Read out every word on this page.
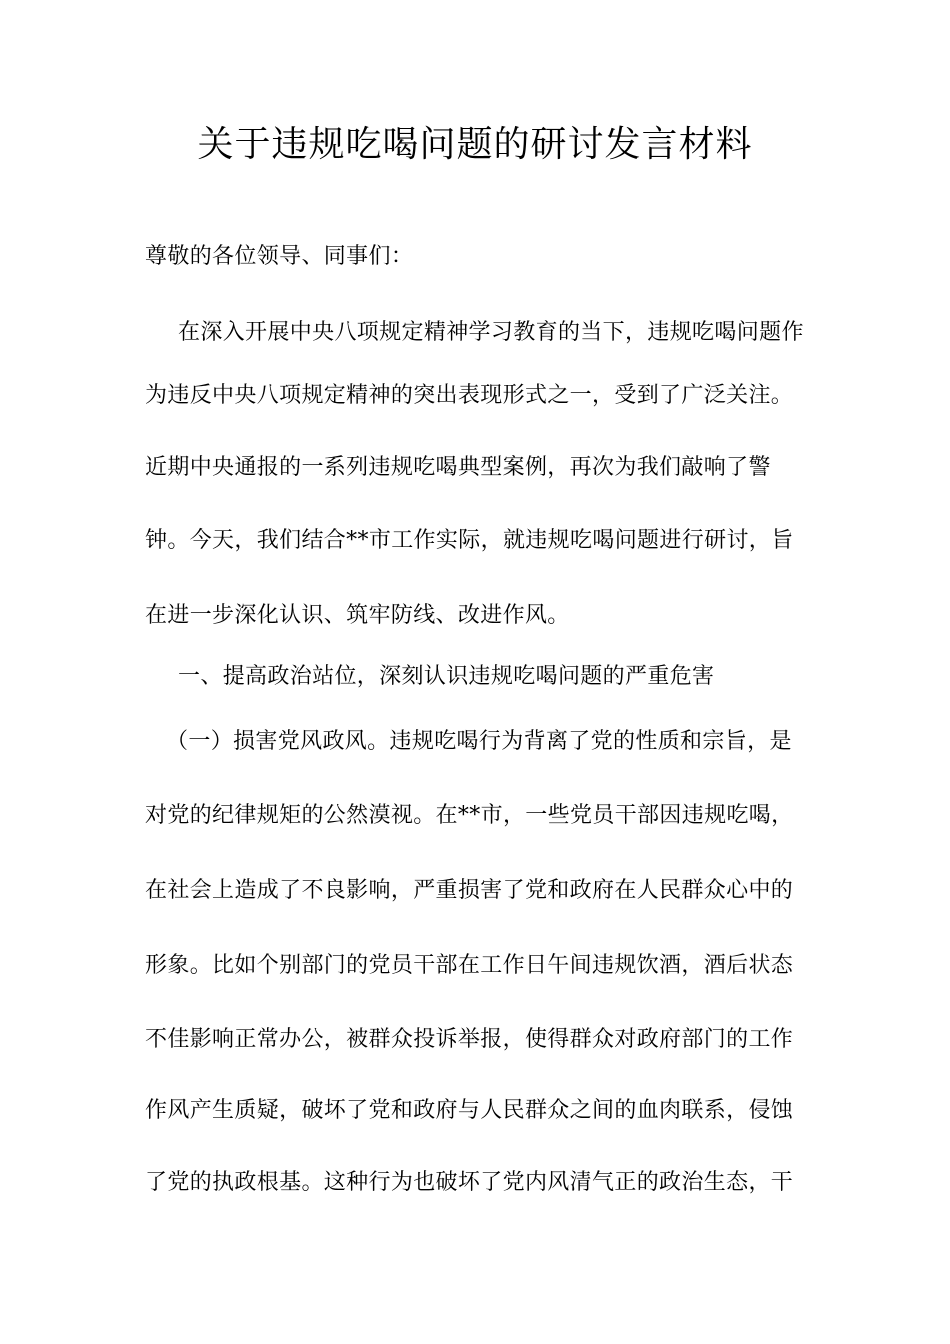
关于违规吃喝问题的研讨发言材料
尊敬的各位领导、同事们：
在深入开展中央八项规定精神学习教育的当下，违规吃喝问题作
为违反中央八项规定精神的突出表现形式之一，受到了广泛关注。
近期中央通报的一系列违规吃喝典型案例，再次为我们敲响了警
钟。今天，我们结合**市工作实际，就违规吃喝问题进行研讨，旨
在进一步深化认识、筑牢防线、改进作风。
一、提高政治站位，深刻认识违规吃喝问题的严重危害
（一）损害党风政风。违规吃喝行为背离了党的性质和宗旨，是
对党的纪律规矩的公然漠视。在**市，一些党员干部因违规吃喝，
在社会上造成了不良影响，严重损害了党和政府在人民群众心中的
形象。比如个别部门的党员干部在工作日午间违规饮酒，酒后状态
不佳影响正常办公，被群众投诉举报，使得群众对政府部门的工作
作风产生质疑，破坏了党和政府与人民群众之间的血肉联系，侵蚀
了党的执政根基。这种行为也破坏了党内风清气正的政治生态，干
